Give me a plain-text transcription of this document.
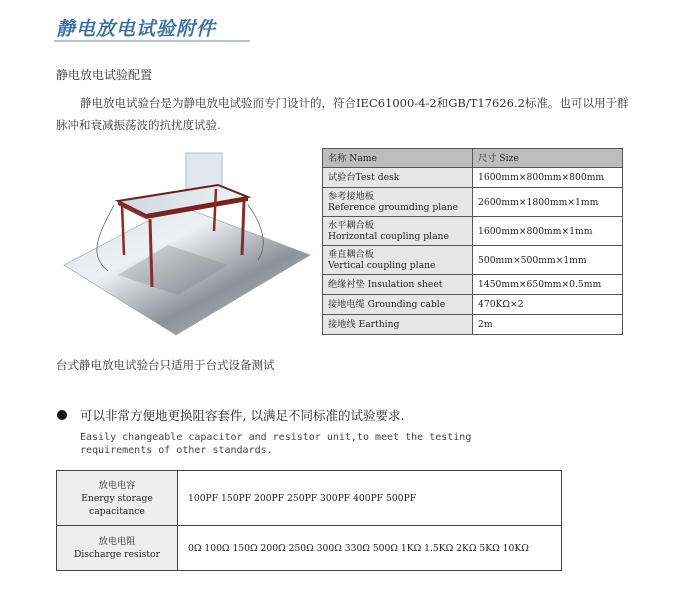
静电放电试验附件
静电放电试验配置
静电放电试验台是为静电放电试验而专门设计的，符合IEC61000-4-2和GB/T17626.2标准。也可以用于群脉冲和衰减振荡波的抗扰度试验.
台式静电放电试验台只适用于台式设备测试
名称 Name	尺寸 Size
试验台Test desk	1600mm×800mm×800mm
参考接地板
Reference groumding plane	2600mm×1800mm×1mm
水平耦合板
Horizontal coupling plane	1600mm×800mm×1mm
垂直耦合板
Vertical coupling plane	500mm×500mm×1mm
绝缘衬垫 Insulation sheet	1450mm×650mm×0.5mm
接地电缆 Grounding cable	470KΩ×2
接地线 Earthing	2m
可以非常方便地更换阻容套件, 以满足不同标准的试验要求.
Easily changeable capacitor and resistor unit,to meet the testing
requirements of other standards.
放电电容
Energy storage
capacitance	100PF 150PF 200PF 250PF 300PF 400PF 500PF

放电电阻
Discharge resistor	0Ω 100Ω 150Ω 200Ω 250Ω 300Ω 330Ω 500Ω 1KΩ 1.5KΩ 2KΩ 5KΩ 10KΩ
